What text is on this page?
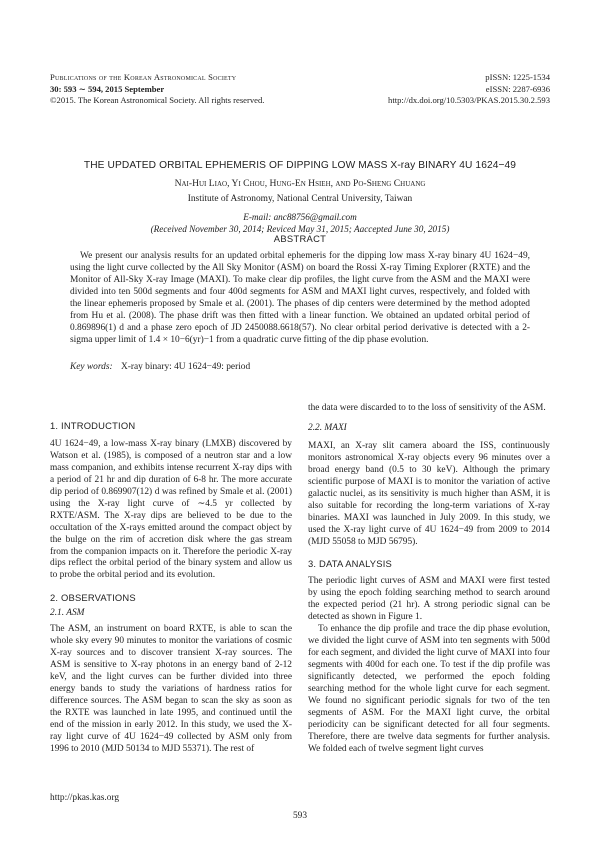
Publications of the Korean Astronomical Society
30: 593 ∼ 594, 2015 September
©2015. The Korean Astronomical Society. All rights reserved.
pISSN: 1225-1534
eISSN: 2287-6936
http://dx.doi.org/10.5303/PKAS.2015.30.2.593
THE UPDATED ORBITAL EPHEMERIS OF DIPPING LOW MASS X-ray BINARY 4U 1624−49
Nai-Hui Liao, Yi Chou, Hung-En Hsieh, and Po-Sheng Chuang
Institute of Astronomy, National Central University, Taiwan
E-mail: anc88756@gmail.com
(Received November 30, 2014; Reviced May 31, 2015; Aaccepted June 30, 2015)
ABSTRACT
We present our analysis results for an updated orbital ephemeris for the dipping low mass X-ray binary 4U 1624−49, using the light curve collected by the All Sky Monitor (ASM) on board the Rossi X-ray Timing Explorer (RXTE) and the Monitor of All-Sky X-ray Image (MAXI). To make clear dip profiles, the light curve from the ASM and the MAXI were divided into ten 500d segments and four 400d segments for ASM and MAXI light curves, respectively, and folded with the linear ephemeris proposed by Smale et al. (2001). The phases of dip centers were determined by the method adopted from Hu et al. (2008). The phase drift was then fitted with a linear function. We obtained an updated orbital period of 0.869896(1) d and a phase zero epoch of JD 2450088.6618(57). No clear orbital period derivative is detected with a 2-sigma upper limit of 1.4 × 10−6(yr)−1 from a quadratic curve fitting of the dip phase evolution.
Key words: X-ray binary: 4U 1624−49: period

1. INTRODUCTION

4U 1624−49, a low-mass X-ray binary (LMXB) discovered by Watson et al. (1985), is composed of a neutron star and a low mass companion, and exhibits intense recurrent X-ray dips with a period of 21 hr and dip duration of 6-8 hr. The more accurate dip period of 0.869907(12) d was refined by Smale et al. (2001) using the X-ray light curve of ∼4.5 yr collected by RXTE/ASM. The X-ray dips are believed to be due to the occultation of the X-rays emitted around the compact object by the bulge on the rim of accretion disk where the gas stream from the companion impacts on it. Therefore the periodic X-ray dips reflect the orbital period of the binary system and allow us to probe the orbital period and its evolution.

2. OBSERVATIONS

2.1. ASM

The ASM, an instrument on board RXTE, is able to scan the whole sky every 90 minutes to monitor the variations of cosmic X-ray sources and to discover transient X-ray sources. The ASM is sensitive to X-ray photons in an energy band of 2-12 keV, and the light curves can be further divided into three energy bands to study the variations of hardness ratios for difference sources. The ASM began to scan the sky as soon as the RXTE was launched in late 1995, and continued until the end of the mission in early 2012. In this study, we used the X-ray light curve of 4U 1624−49 collected by ASM only from 1996 to 2010 (MJD 50134 to MJD 55371). The rest of

the data were discarded to to the loss of sensitivity of the ASM.

2.2. MAXI

MAXI, an X-ray slit camera aboard the ISS, continuously monitors astronomical X-ray objects every 96 minutes over a broad energy band (0.5 to 30 keV). Although the primary scientific purpose of MAXI is to monitor the variation of active galactic nuclei, as its sensitivity is much higher than ASM, it is also suitable for recording the long-term variations of X-ray binaries. MAXI was launched in July 2009. In this study, we used the X-ray light curve of 4U 1624−49 from 2009 to 2014 (MJD 55058 to MJD 56795).

3. DATA ANALYSIS

The periodic light curves of ASM and MAXI were first tested by using the epoch folding searching method to search around the expected period (21 hr). A strong periodic signal can be detected as shown in Figure 1.

To enhance the dip profile and trace the dip phase evolution, we divided the light curve of ASM into ten segments with 500d for each segment, and divided the light curve of MAXI into four segments with 400d for each one. To test if the dip profile was significantly detected, we performed the epoch folding searching method for the whole light curve for each segment. We found no significant periodic signals for two of the ten segments of ASM. For the MAXI light curve, the orbital periodicity can be significant detected for all four segments. Therefore, there are twelve data segments for further analysis. We folded each of twelve segment light curves

http://pkas.kas.org
593
